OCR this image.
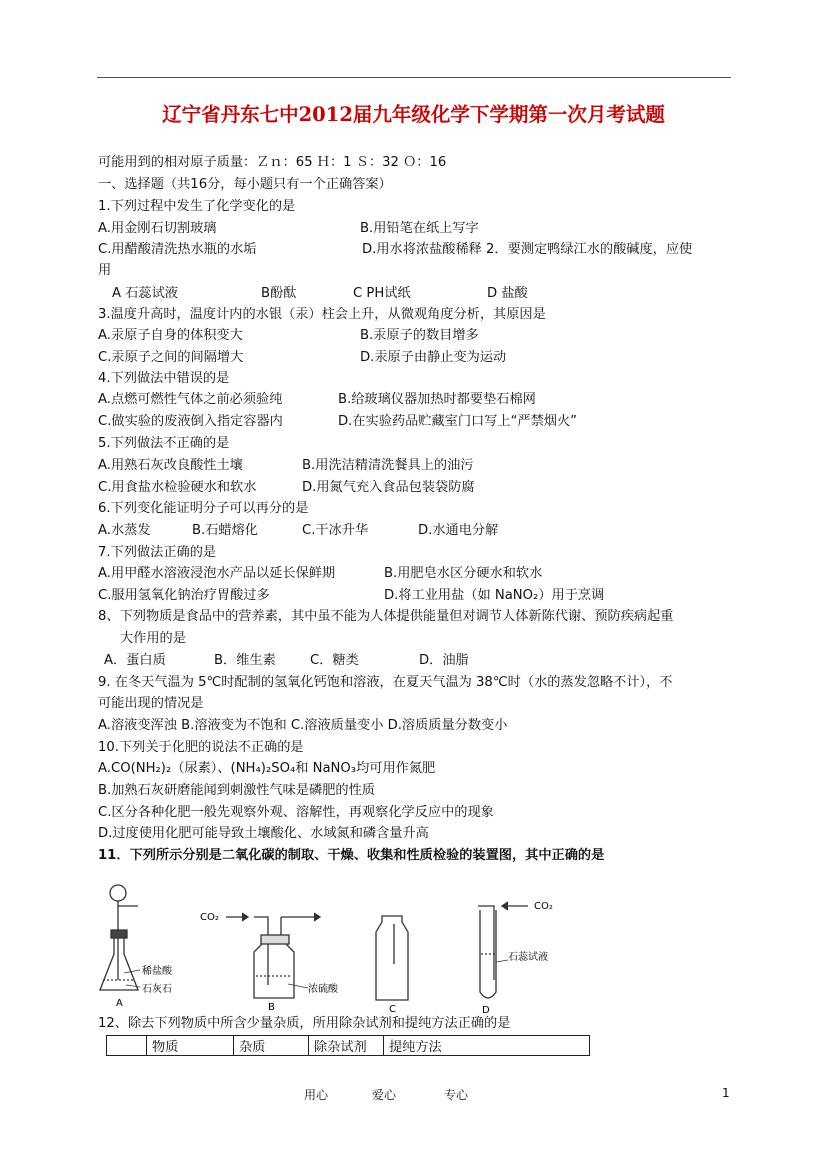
辽宁省丹东七中2012届九年级化学下学期第一次月考试题
可能用到的相对原子质量：Ｚｎ：65 Ｈ：1 Ｓ：32 Ｏ：16
一、选择题（共16分，每小题只有一个正确答案）
1.下列过程中发生了化学变化的是
A.用金刚石切割玻璃	B.用铅笔在纸上写字
C.用醋酸清洗热水瓶的水垢	D.用水将浓盐酸稀释 2．要测定鸭绿江水的酸碱度，应使
用
A 石蕊试液	B酚酞	C PH试纸	D 盐酸
3.温度升高时，温度计内的水银（汞）柱会上升，从微观角度分析，其原因是
A.汞原子自身的体积变大	B.汞原子的数目增多
C.汞原子之间的间隔增大	D.汞原子由静止变为运动
4.下列做法中错误的是
A.点燃可燃性气体之前必须验纯	B.给玻璃仪器加热时都要垫石棉网
C.做实验的废液倒入指定容器内	D.在实验药品贮藏室门口写上“严禁烟火”
5.下列做法不正确的是
A.用熟石灰改良酸性土壤	B.用洗洁精清洗餐具上的油污
C.用食盐水检验硬水和软水	D.用氮气充入食品包装袋防腐
6.下列变化能证明分子可以再分的是
A.水蒸发	B.石蜡熔化	C.干冰升华	D.水通电分解
7.下列做法正确的是
A.用甲醛水溶液浸泡水产品以延长保鲜期	B.用肥皂水区分硬水和软水
C.服用氢氧化钠治疗胃酸过多	D.将工业用盐（如 NaNO₂）用于烹调
8、下列物质是食品中的营养素，其中虽不能为人体提供能量但对调节人体新陈代谢、预防疾病起重
大作用的是
A．蛋白质	B．维生素	C．糖类	D．油脂
9. 在冬天气温为 5℃时配制的氢氧化钙饱和溶液，在夏天气温为 38℃时（水的蒸发忽略不计），不
可能出现的情况是
A.溶液变浑浊 B.溶液变为不饱和 C.溶液质量变小 D.溶质质量分数变小
10.下列关于化肥的说法不正确的是
A.CO(NH₂)₂（尿素）、(NH₄)₂SO₄和 NaNO₃均可用作氮肥
B.加熟石灰研磨能闻到刺激性气味是磷肥的性质
C.区分各种化肥一般先观察外观、溶解性，再观察化学反应中的现象
D.过度使用化肥可能导致土壤酸化、水域氮和磷含量升高
11．下列所示分别是二氧化碳的制取、干燥、收集和性质检验的装置图，其中正确的是
稀盐酸
石灰石
A
CO₂
浓硫酸
B	C
CO₂
石蕊试液
D
12、除去下列物质中所含少量杂质，所用除杂试剂和提纯方法正确的是
	物质	杂质	除杂试剂	提纯方法
用心	爱心	专心	1
